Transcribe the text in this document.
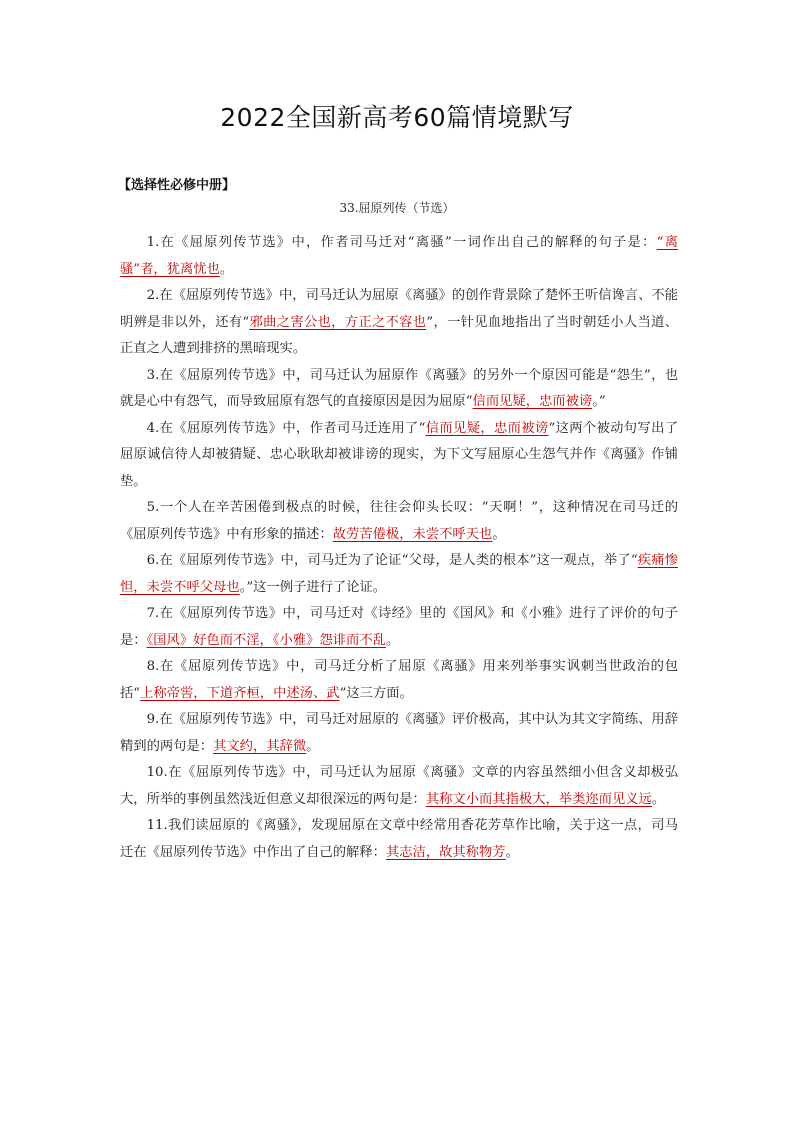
2022全国新高考60篇情境默写
【选择性必修中册】
33.屈原列传（节选）

1.在《屈原列传节选》中，作者司马迁对“离骚”一词作出自己的解释的句子是：“离骚”者，犹离忧也。

2.在《屈原列传节选》中，司马迁认为屈原《离骚》的创作背景除了楚怀王听信谗言、不能明辨是非以外，还有“邪曲之害公也，方正之不容也”，一针见血地指出了当时朝廷小人当道、正直之人遭到排挤的黑暗现实。

3.在《屈原列传节选》中，司马迁认为屈原作《离骚》的另外一个原因可能是“怨生”，也就是心中有怨气，而导致屈原有怨气的直接原因是因为屈原“信而见疑，忠而被谤。”

4.在《屈原列传节选》中，作者司马迁连用了“信而见疑，忠而被谤”这两个被动句写出了屈原诚信待人却被猜疑、忠心耿耿却被诽谤的现实，为下文写屈原心生怨气并作《离骚》作铺垫。

5.一个人在辛苦困倦到极点的时候，往往会仰头长叹：“天啊！”，这种情况在司马迁的《屈原列传节选》中有形象的描述：故劳苦倦极，未尝不呼天也。

6.在《屈原列传节选》中，司马迁为了论证“父母，是人类的根本”这一观点，举了“疾痛惨怛，未尝不呼父母也。”这一例子进行了论证。

7.在《屈原列传节选》中，司马迁对《诗经》里的《国风》和《小雅》进行了评价的句子是：《国风》好色而不淫，《小雅》怨诽而不乱。

8.在《屈原列传节选》中，司马迁分析了屈原《离骚》用来列举事实讽刺当世政治的包括“上称帝喾，下道齐桓，中述汤、武”这三方面。

9.在《屈原列传节选》中，司马迁对屈原的《离骚》评价极高，其中认为其文字简练、用辞精到的两句是：其文约，其辞微。

10.在《屈原列传节选》中，司马迁认为屈原《离骚》文章的内容虽然细小但含义却极弘大，所举的事例虽然浅近但意义却很深远的两句是：其称文小而其指极大，举类迩而见义远。

11.我们读屈原的《离骚》，发现屈原在文章中经常用香花芳草作比喻，关于这一点，司马迁在《屈原列传节选》中作出了自己的解释：其志洁，故其称物芳。
